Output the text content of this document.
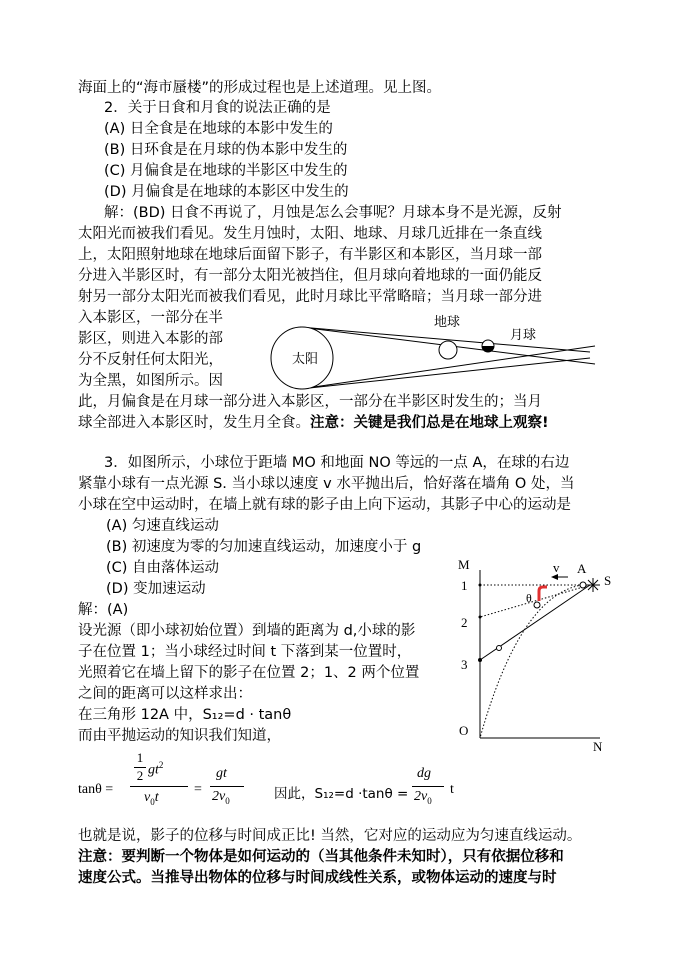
海面上的“海市蜃楼”的形成过程也是上述道理。见上图。
2．关于日食和月食的说法正确的是
(A) 日全食是在地球的本影中发生的
(B) 日环食是在月球的伪本影中发生的
(C) 月偏食是在地球的半影区中发生的
(D) 月偏食是在地球的本影区中发生的
解：(BD) 日食不再说了，月蚀是怎么会事呢？月球本身不是光源，反射
太阳光而被我们看见。发生月蚀时，太阳、地球、月球几近排在一条直线
上，太阳照射地球在地球后面留下影子，有半影区和本影区，当月球一部
分进入半影区时，有一部分太阳光被挡住，但月球向着地球的一面仍能反
射另一部分太阳光而被我们看见，此时月球比平常略暗；当月球一部分进
入本影区，一部分在半
影区，则进入本影的部
分不反射任何太阳光，
为全黑，如图所示。因
此，月偏食是在月球一部分进入本影区，一部分在半影区时发生的；当月
球全部进入本影区时，发生月全食。注意：关键是我们总是在地球上观察!
太阳
地球
月球
3．如图所示，小球位于距墙 MO 和地面 NO 等远的一点 A，在球的右边
紧靠小球有一点光源 S. 当小球以速度 v 水平抛出后，恰好落在墙角 O 处，当
小球在空中运动时，在墙上就有球的影子由上向下运动，其影子中心的运动是
(A) 匀速直线运动
(B) 初速度为零的匀加速直线运动，加速度小于 g
(C) 自由落体运动
(D) 变加速运动
解：(A)
设光源（即小球初始位置）到墙的距离为 d,小球的影
子在位置 1；当小球经过时间 t 下落到某一位置时，
光照着它在墙上留下的影子在位置 2；1、2 两个位置
之间的距离可以这样求出：
在三角形 12A 中，S₁₂=d · tanθ
而由平抛运动的知识我们知道，
M
1
2
3
O
N
v A
S
θ
tanθ =
1
2 $gt^2$
$v_0t$
=
gt
$2v_0$	因此，S₁₂=d ·tanθ =
dg
$2v_0$
t
也就是说，影子的位移与时间成正比! 当然，它对应的运动应为匀速直线运动。
注意：要判断一个物体是如何运动的（当其他条件未知时），只有依据位移和
速度公式。当推导出物体的位移与时间成线性关系，或物体运动的速度与时
